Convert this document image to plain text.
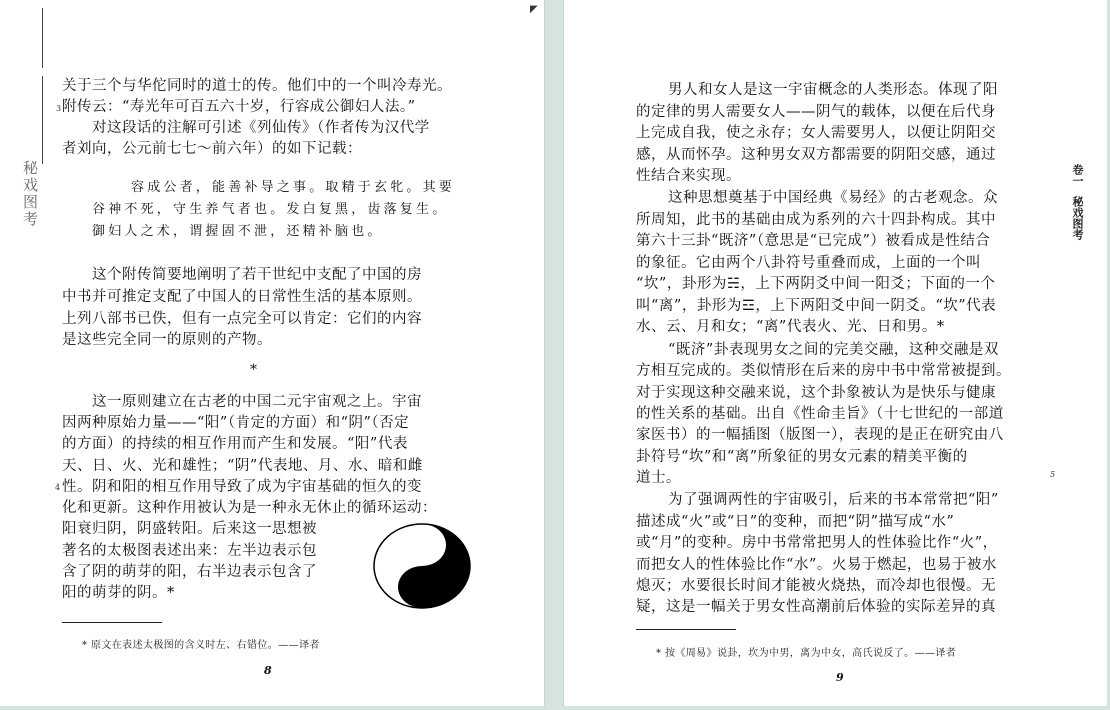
◤
秘戏图考
关于三个与华佗同时的道士的传。他们中的一个叫冷寿光。
3 附传云：“寿光年可百五六十岁，行容成公御妇人法。”
对这段话的注解可引述《列仙传》（作者传为汉代学
者刘向，公元前七七～前六年）的如下记载：
容成公者，能善补导之事。取精于玄牝。其要
谷神不死，守生养气者也。发白复黑，齿落复生。
御妇人之术，谓握固不泄，还精补脑也。
这个附传简要地阐明了若干世纪中支配了中国的房
中书并可推定支配了中国人的日常性生活的基本原则。
上列八部书已佚，但有一点完全可以肯定：它们的内容
是这些完全同一的原则的产物。
*
这一原则建立在古老的中国二元宇宙观之上。宇宙
因两种原始力量——“阳”（肯定的方面）和“阴”（否定
的方面）的持续的相互作用而产生和发展。“阳”代表
天、日、火、光和雄性；“阴”代表地、月、水、暗和雌
4 性。阴和阳的相互作用导致了成为宇宙基础的恒久的变
化和更新。这种作用被认为是一种永无休止的循环运动：
阳衰归阴，阴盛转阳。后来这一思想被
著名的太极图表述出来：左半边表示包
含了阴的萌芽的阳，右半边表示包含了
阳的萌芽的阴。*
* 原文在表述太极图的含义时左、右错位。——译者
8
男人和女人是这一宇宙概念的人类形态。体现了阳
的定律的男人需要女人——阴气的载体，以便在后代身
上完成自我，使之永存；女人需要男人，以便让阴阳交
感，从而怀孕。这种男女双方都需要的阴阳交感，通过
性结合来实现。
这种思想奠基于中国经典《易经》的古老观念。众
所周知，此书的基础由成为系列的六十四卦构成。其中
第六十三卦“既济”（意思是“已完成”）被看成是性结合
的象征。它由两个八卦符号重叠而成，上面的一个叫
“坎”，卦形为☵，上下两阴爻中间一阳爻；下面的一个
叫“离”，卦形为☲，上下两阳爻中间一阴爻。“坎”代表
水、云、月和女；“离”代表火、光、日和男。*
“既济”卦表现男女之间的完美交融，这种交融是双
方相互完成的。类似情形在后来的房中书中常常被提到。
对于实现这种交融来说，这个卦象被认为是快乐与健康
的性关系的基础。出自《性命圭旨》（十七世纪的一部道
家医书）的一幅插图（版图一），表现的是正在研究由八
卦符号“坎”和“离”所象征的男女元素的精美平衡的
道士。	5
为了强调两性的宇宙吸引，后来的书本常常把“阳”
描述成“火”或“日”的变种，而把“阴”描写成“水”
或“月”的变种。房中书常常把男人的性体验比作“火”，
而把女人的性体验比作“水”。火易于燃起，也易于被水
熄灭；水要很长时间才能被火烧热，而冷却也很慢。无
疑，这是一幅关于男女性高潮前后体验的实际差异的真
卷一
秘戏图考
* 按《周易》说卦，坎为中男，离为中女，高氏说反了。——译者
9
